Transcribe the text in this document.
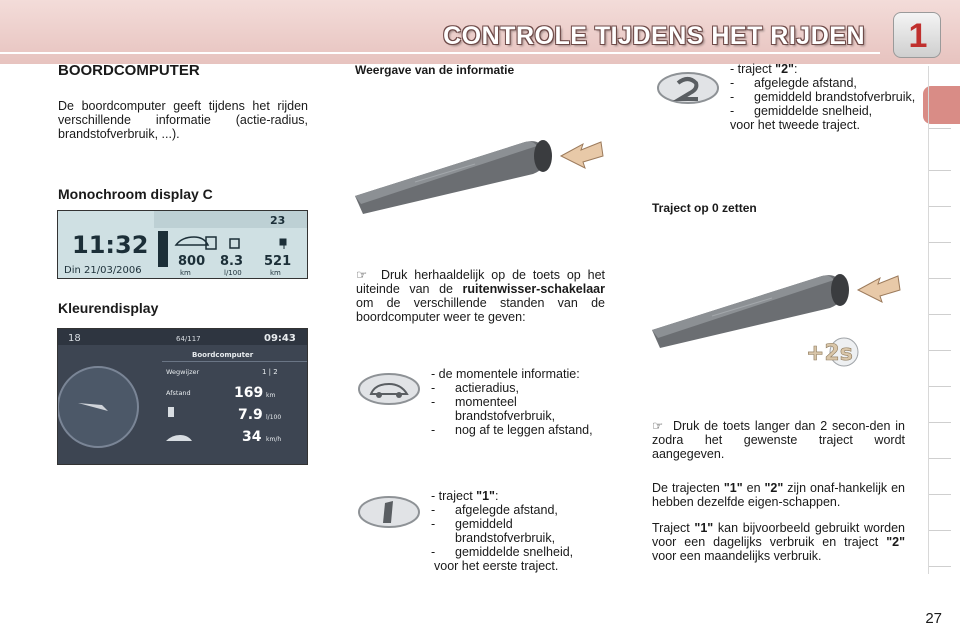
CONTROLE TIJDENS HET RIJDEN	1
BOORDCOMPUTER
De boordcomputer geeft tijdens het rijden verschillende informatie (actie-radius, brandstofverbruik, ...).
Monochroom display C
11:32
Din 21/03/2006
23
800 8.3 521
km	l/100	km
Kleurendisplay
18	64/117	09:43
Boordcomputer
Wegwijzer	1 | 2
Afstand	169 km
7.9 l/100
34 km/h
Weergave van de informatie
☞  Druk herhaaldelijk op de toets op het uiteinde van de ruitenwisser-schakelaar om de verschillende standen van de boordcomputer weer te geven:
- de momentele informatie:
-	actieradius,
-	momenteel brandstofverbruik,
-	nog af te leggen afstand,
- traject "1":
-	afgelegde afstand,
-	gemiddeld brandstofverbruik,
-	gemiddelde snelheid,
voor het eerste traject.
- traject "2":
-	afgelegde afstand,
-	gemiddeld brandstofverbruik,
-	gemiddelde snelheid,
voor het tweede traject.
Traject op 0 zetten
+2s
☞  Druk de toets langer dan 2 secon-den in zodra het gewenste traject wordt aangegeven.
De trajecten "1" en "2" zijn onaf-hankelijk en hebben dezelfde eigen-schappen.
Traject "1" kan bijvoorbeeld gebruikt worden voor een dagelijks verbruik en traject "2" voor een maandelijks verbruik.
27
